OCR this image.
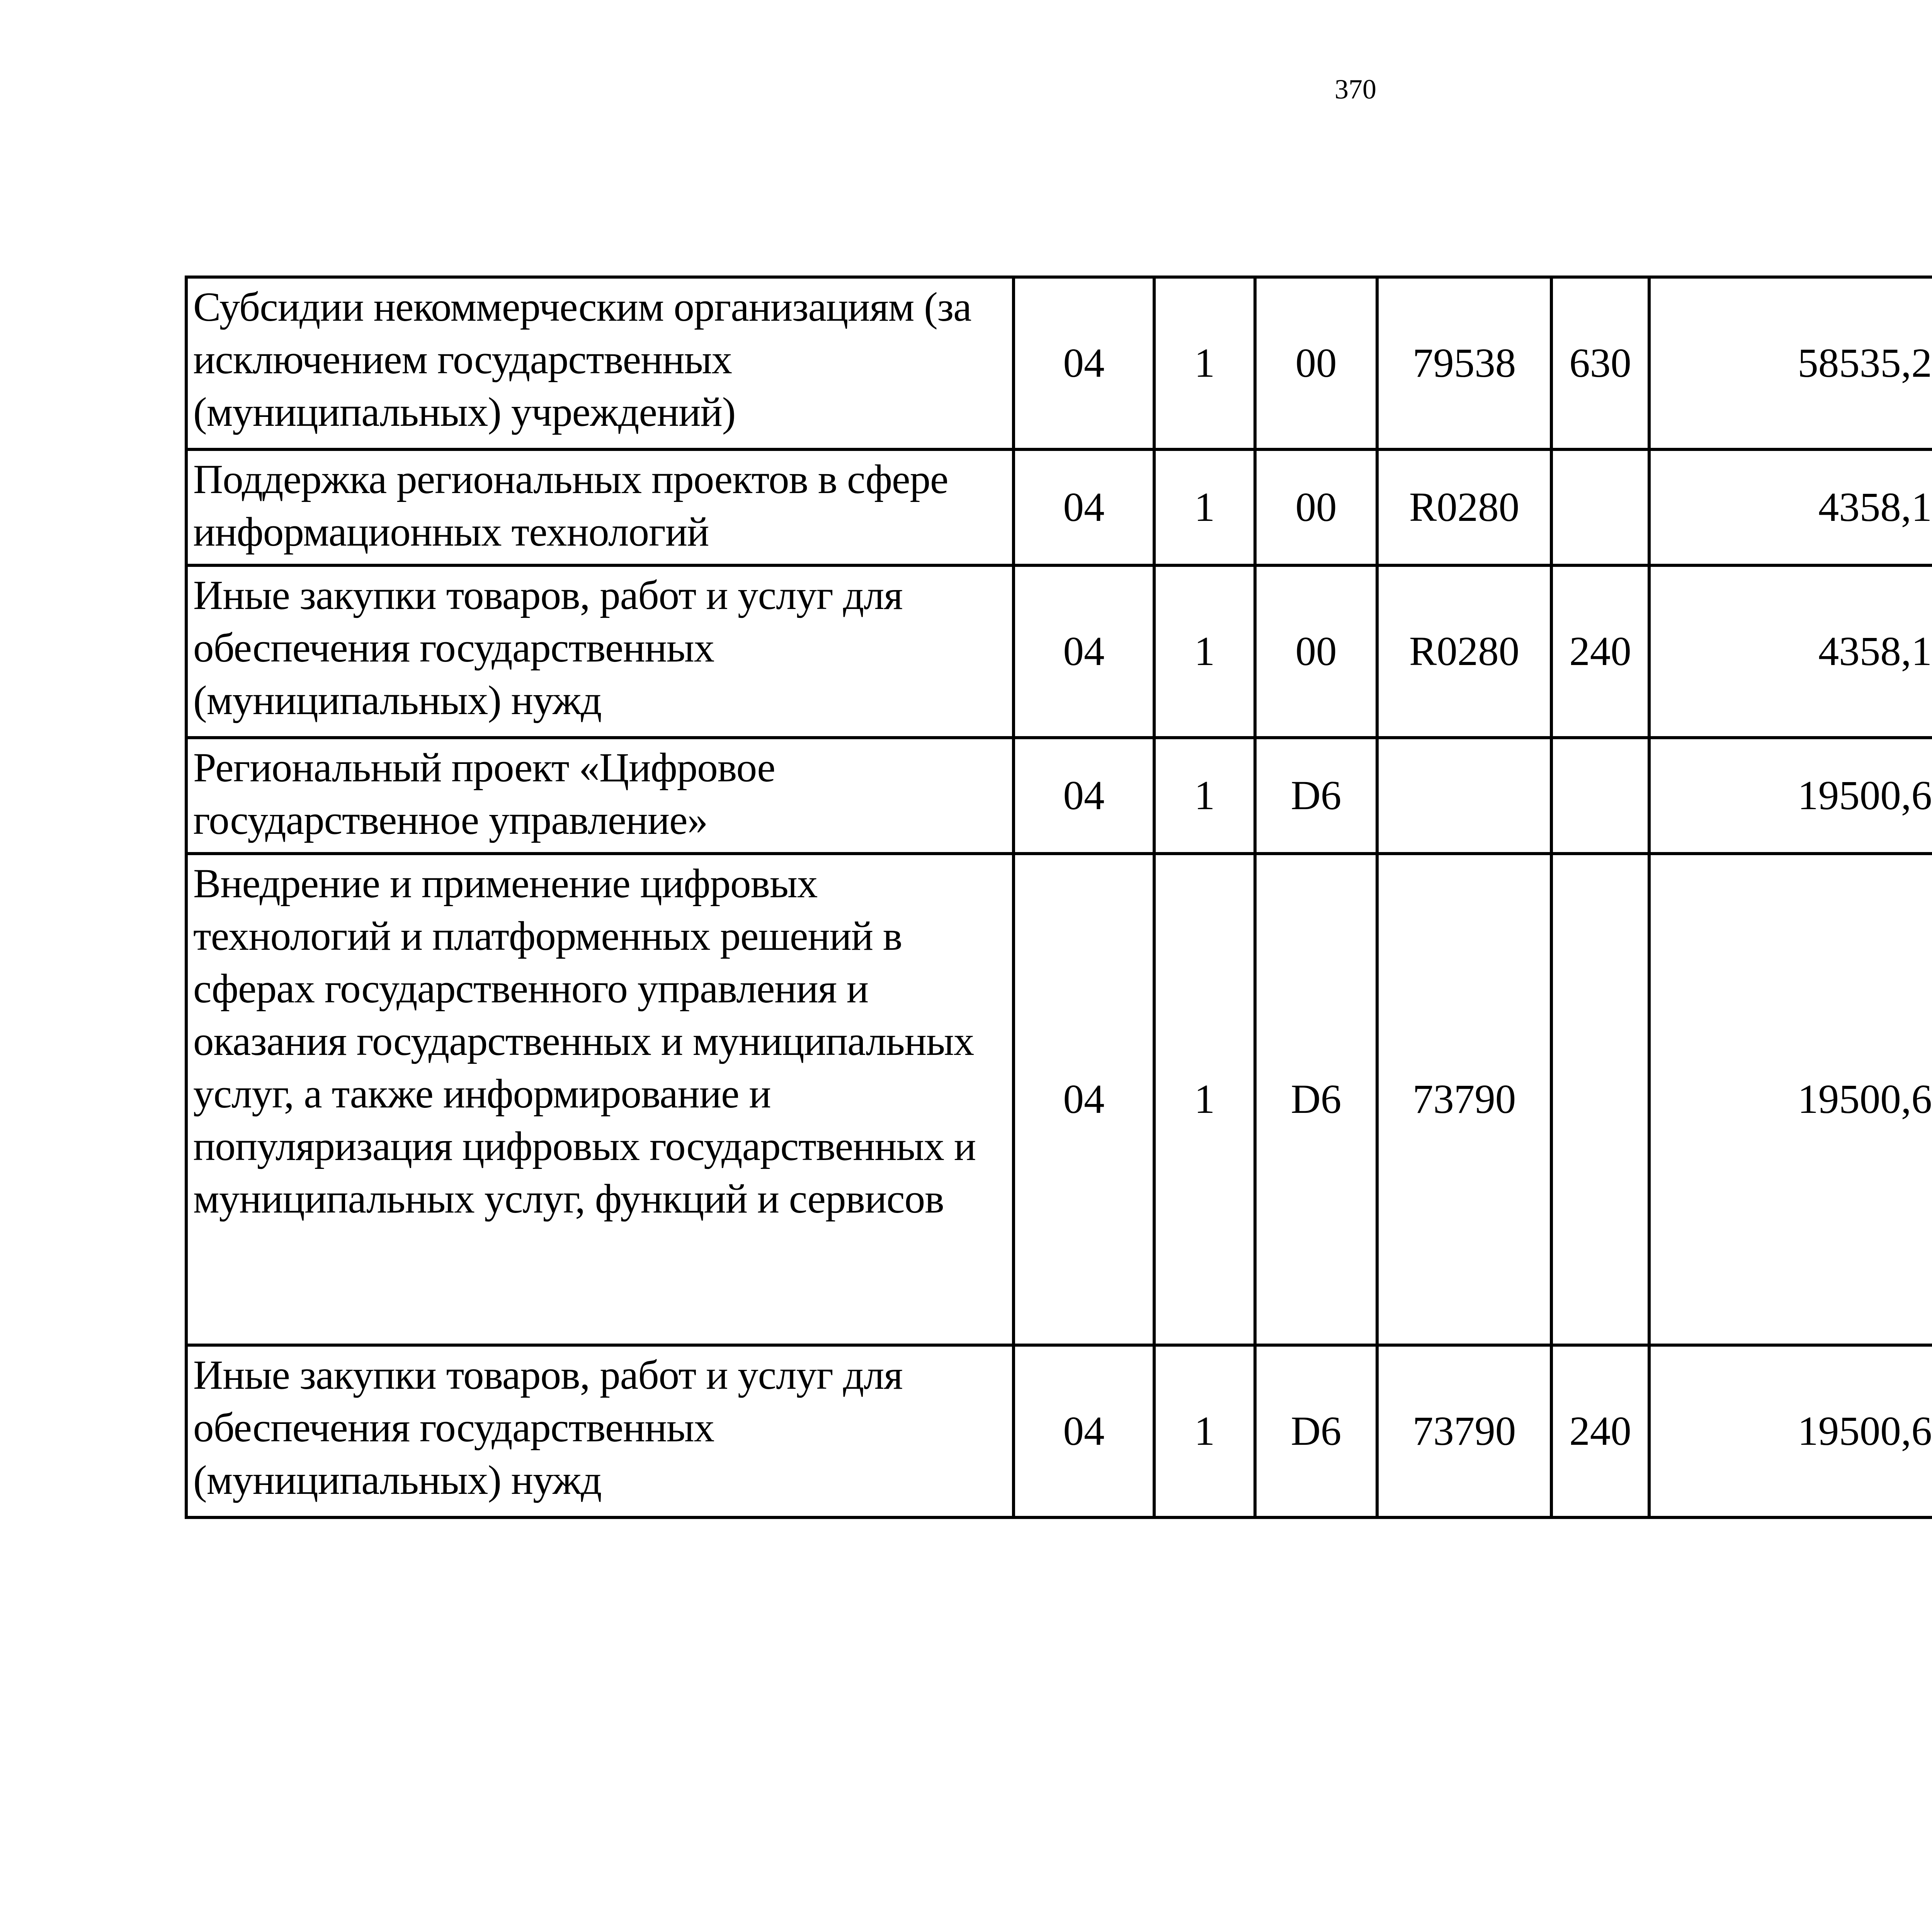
370
Субсидии некоммерческим организациям (за исключением государственных (муниципальных) учреждений)	04	1	00	79538	630	58535,2		
Поддержка региональных проектов в сфере информационных технологий	04	1	00	R0280		4358,1		
Иные закупки товаров, работ и услуг для обеспечения государственных (муниципальных) нужд	04	1	00	R0280	240	4358,1		
Региональный проект «Цифровое государственное управление»	04	1	D6			19500,6		
Внедрение и применение цифровых технологий и платформенных решений в сферах государственного управления и оказания государственных и муниципальных услуг, а также информирование и популяризация цифровых государственных и муниципальных услуг, функций и сервисов	04	1	D6	73790		19500,6		
Иные закупки товаров, работ и услуг для обеспечения государственных (муниципальных) нужд	04	1	D6	73790	240	19500,6		
